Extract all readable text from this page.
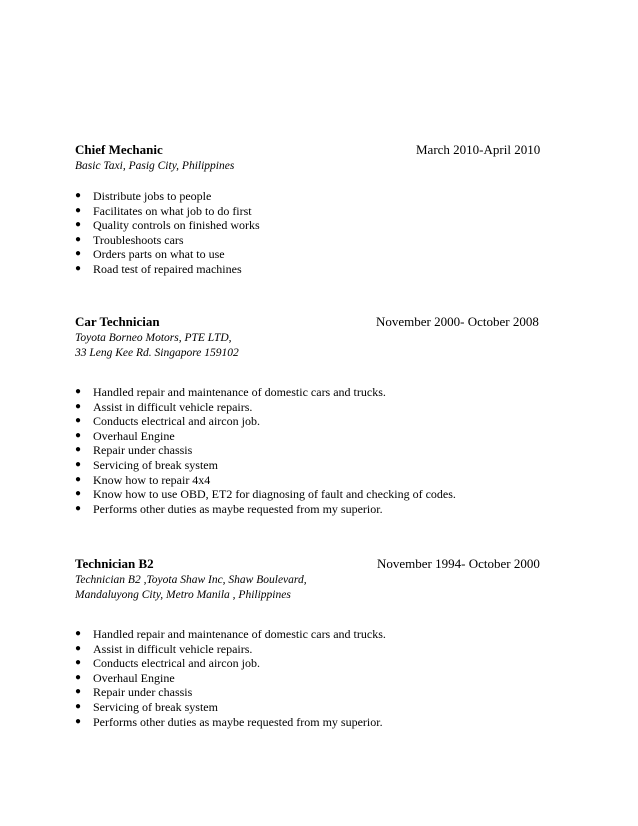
Chief Mechanic	March 2010-April 2010
Basic Taxi, Pasig City, Philippines
● Distribute jobs to people
● Facilitates on what job to do first
● Quality controls on finished works
● Troubleshoots cars
● Orders parts on what to use
● Road test of repaired machines
Car Technician	November 2000- October 2008
Toyota Borneo Motors, PTE LTD,
33 Leng Kee Rd. Singapore 159102
● Handled repair and maintenance of domestic cars and trucks.
● Assist in difficult vehicle repairs.
● Conducts electrical and aircon job.
● Overhaul Engine
● Repair under chassis
● Servicing of break system
● Know how to repair 4x4
● Know how to use OBD, ET2 for diagnosing of fault and checking of codes.
● Performs other duties as maybe requested from my superior.
Technician B2	November 1994- October 2000
Technician B2 ,Toyota Shaw Inc, Shaw Boulevard,
Mandaluyong City, Metro Manila , Philippines
● Handled repair and maintenance of domestic cars and trucks.
● Assist in difficult vehicle repairs.
● Conducts electrical and aircon job.
● Overhaul Engine
● Repair under chassis
● Servicing of break system
● Performs other duties as maybe requested from my superior.
